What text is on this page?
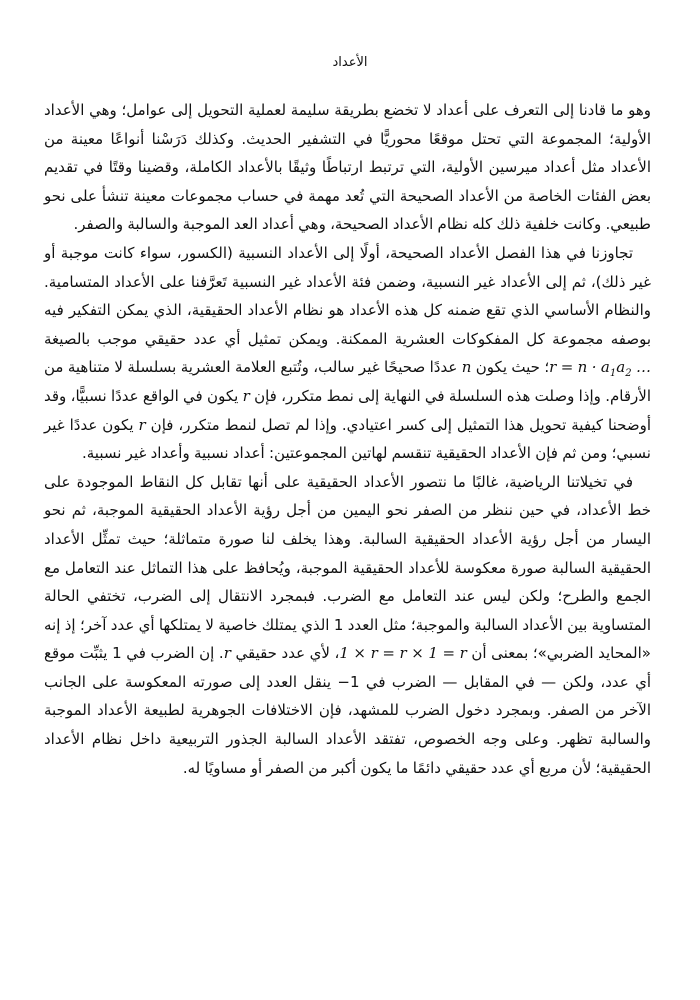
الأعداد

وهو ما قادنا إلى التعرف على أعداد لا تخضع بطريقة سليمة لعملية التحويل إلى عوامل؛ وهي الأعداد الأولية؛ المجموعة التي تحتل موقعًا محوريًّا في التشفير الحديث. وكذلك دَرَسْنا أنواعًا معينة من الأعداد مثل أعداد ميرسين الأولية، التي ترتبط ارتباطًا وثيقًا بالأعداد الكاملة، وقضينا وقتًا في تقديم بعض الفئات الخاصة من الأعداد الصحيحة التي تُعد مهمة في حساب مجموعات معينة تنشأ على نحو طبيعي. وكانت خلفية ذلك كله نظام الأعداد الصحيحة، وهي أعداد العد الموجبة والسالبة والصفر.

تجاوزنا في هذا الفصل الأعداد الصحيحة، أولًا إلى الأعداد النسبية (الكسور، سواء كانت موجبة أو غير ذلك)، ثم إلى الأعداد غير النسبية، وضمن فئة الأعداد غير النسبية تَعرَّفنا على الأعداد المتسامية. والنظام الأساسي الذي تقع ضمنه كل هذه الأعداد هو نظام الأعداد الحقيقية، الذي يمكن التفكير فيه بوصفه مجموعة كل المفكوكات العشرية الممكنة. ويمكن تمثيل أي عدد حقيقي موجب بالصيغة $r = n \cdot a_1a_2$ …؛ حيث يكون n عددًا صحيحًا غير سالب، وتُتبع العلامة العشرية بسلسلة لا متناهية من الأرقام. وإذا وصلت هذه السلسلة في النهاية إلى نمط متكرر، فإن r يكون في الواقع عددًا نسبيًّا، وقد أوضحنا كيفية تحويل هذا التمثيل إلى كسر اعتيادي. وإذا لم تصل لنمط متكرر، فإن r يكون عددًا غير نسبي؛ ومن ثم فإن الأعداد الحقيقية تنقسم لهاتين المجموعتين: أعداد نسبية وأعداد غير نسبية.

في تخيلاتنا الرياضية، غالبًا ما نتصور الأعداد الحقيقية على أنها تقابل كل النقاط الموجودة على خط الأعداد، في حين ننظر من الصفر نحو اليمين من أجل رؤية الأعداد الحقيقية الموجبة، ثم نحو اليسار من أجل رؤية الأعداد الحقيقية السالبة. وهذا يخلف لنا صورة متماثلة؛ حيث تمثِّل الأعداد الحقيقية السالبة صورة معكوسة للأعداد الحقيقية الموجبة، ويُحافظ على هذا التماثل عند التعامل مع الجمع والطرح؛ ولكن ليس عند التعامل مع الضرب. فبمجرد الانتقال إلى الضرب، تختفي الحالة المتساوية بين الأعداد السالبة والموجبة؛ مثل العدد 1 الذي يمتلك خاصية لا يمتلكها أي عدد آخر؛ إذ إنه «المحايد الضربي»؛ بمعنى أن 1 × r = r × 1 = r، لأي عدد حقيقي r. إن الضرب في 1 يثبِّت موقع أي عدد، ولكن — في المقابل — الضرب في 1− ينقل العدد إلى صورته المعكوسة على الجانب الآخر من الصفر. وبمجرد دخول الضرب للمشهد، فإن الاختلافات الجوهرية لطبيعة الأعداد الموجبة والسالبة تظهر. وعلى وجه الخصوص، تفتقد الأعداد السالبة الجذور التربيعية داخل نظام الأعداد الحقيقية؛ لأن مربع أي عدد حقيقي دائمًا ما يكون أكبر من الصفر أو مساويًا له.
